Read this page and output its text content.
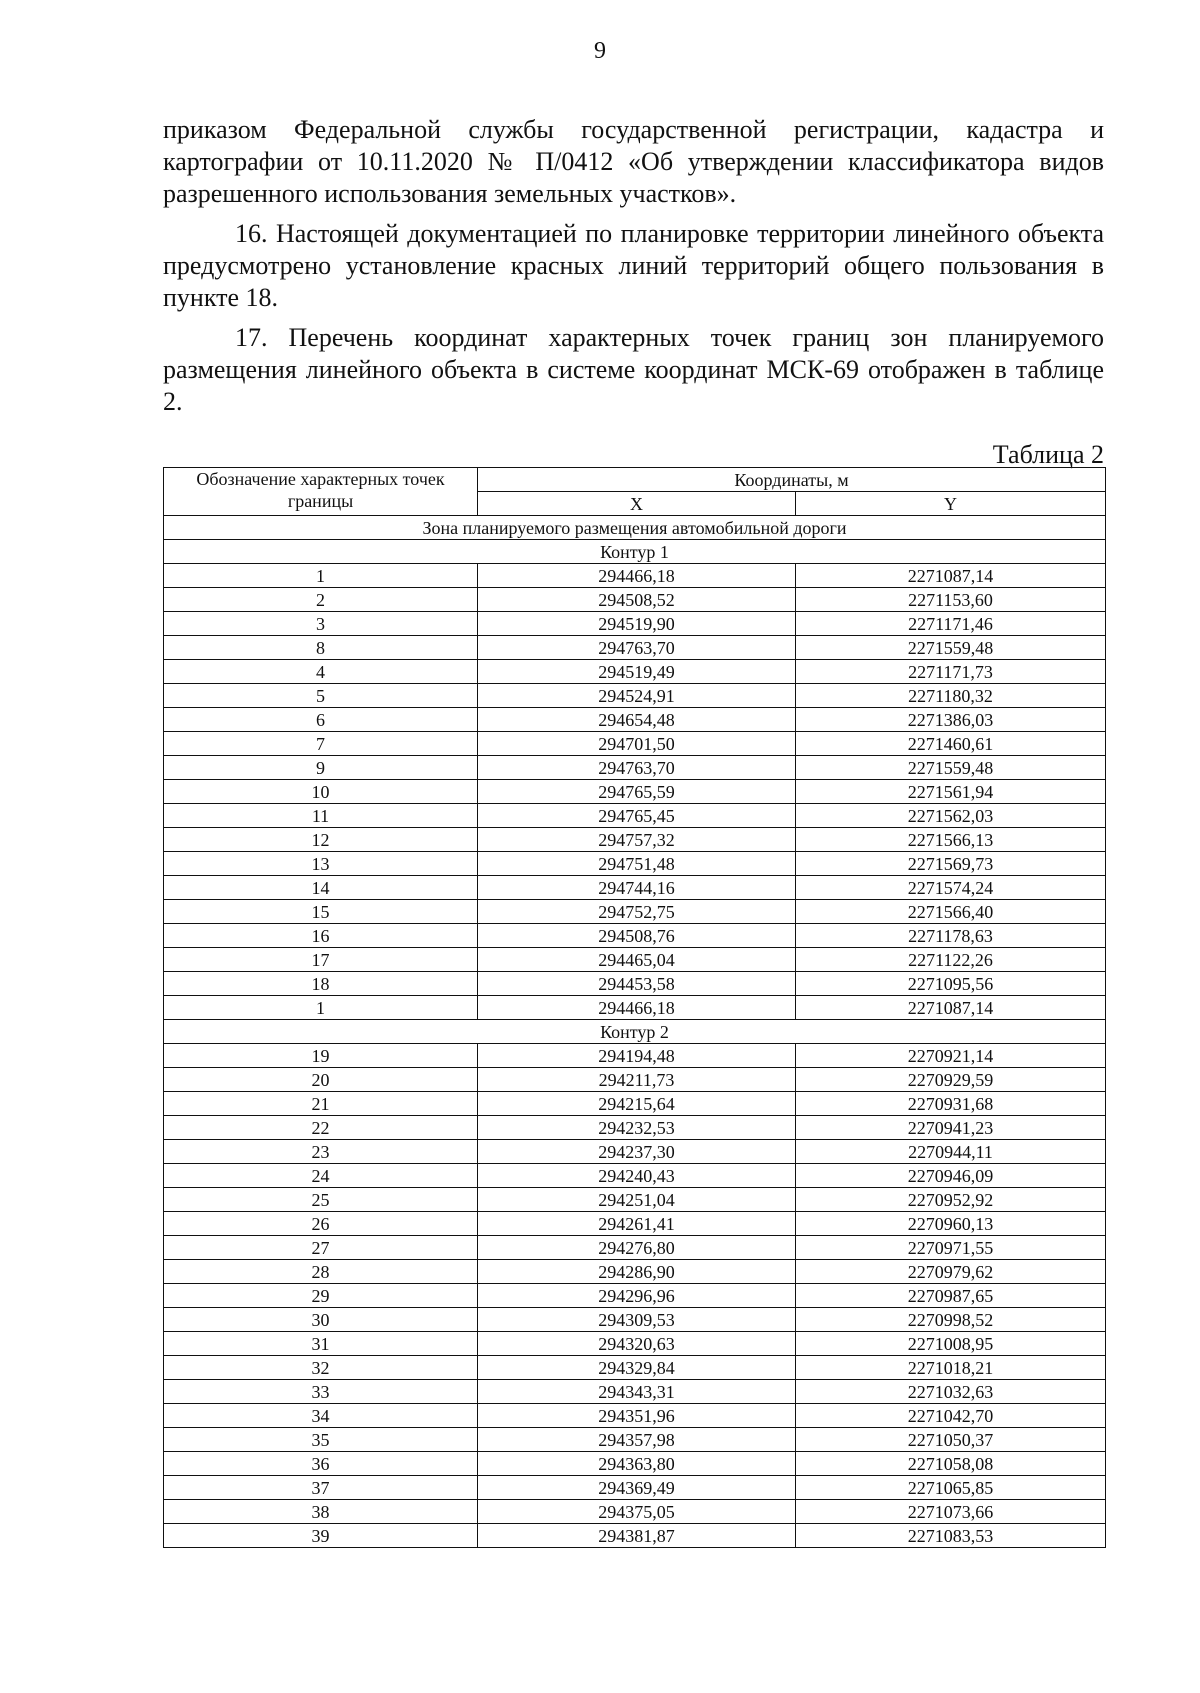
9

приказом Федеральной службы государственной регистрации, кадастра и картографии от 10.11.2020 № П/0412 «Об утверждении классификатора видов разрешенного использования земельных участков».

16. Настоящей документацией по планировке территории линейного объекта предусмотрено установление красных линий территорий общего пользования в пункте 18.

17. Перечень координат характерных точек границ зон планируемого размещения линейного объекта в системе координат МСК-69 отображен в таблице 2.

Таблица 2
Обозначение характерных точек границы	Координаты, м	
	X	Y
Зона планируемого размещения автомобильной дороги		
Контур 1		
1	294466,18	2271087,14
2	294508,52	2271153,60
3	294519,90	2271171,46
8	294763,70	2271559,48
4	294519,49	2271171,73
5	294524,91	2271180,32
6	294654,48	2271386,03
7	294701,50	2271460,61
9	294763,70	2271559,48
10	294765,59	2271561,94
11	294765,45	2271562,03
12	294757,32	2271566,13
13	294751,48	2271569,73
14	294744,16	2271574,24
15	294752,75	2271566,40
16	294508,76	2271178,63
17	294465,04	2271122,26
18	294453,58	2271095,56
1	294466,18	2271087,14
Контур 2		
19	294194,48	2270921,14
20	294211,73	2270929,59
21	294215,64	2270931,68
22	294232,53	2270941,23
23	294237,30	2270944,11
24	294240,43	2270946,09
25	294251,04	2270952,92
26	294261,41	2270960,13
27	294276,80	2270971,55
28	294286,90	2270979,62
29	294296,96	2270987,65
30	294309,53	2270998,52
31	294320,63	2271008,95
32	294329,84	2271018,21
33	294343,31	2271032,63
34	294351,96	2271042,70
35	294357,98	2271050,37
36	294363,80	2271058,08
37	294369,49	2271065,85
38	294375,05	2271073,66
39	294381,87	2271083,53
